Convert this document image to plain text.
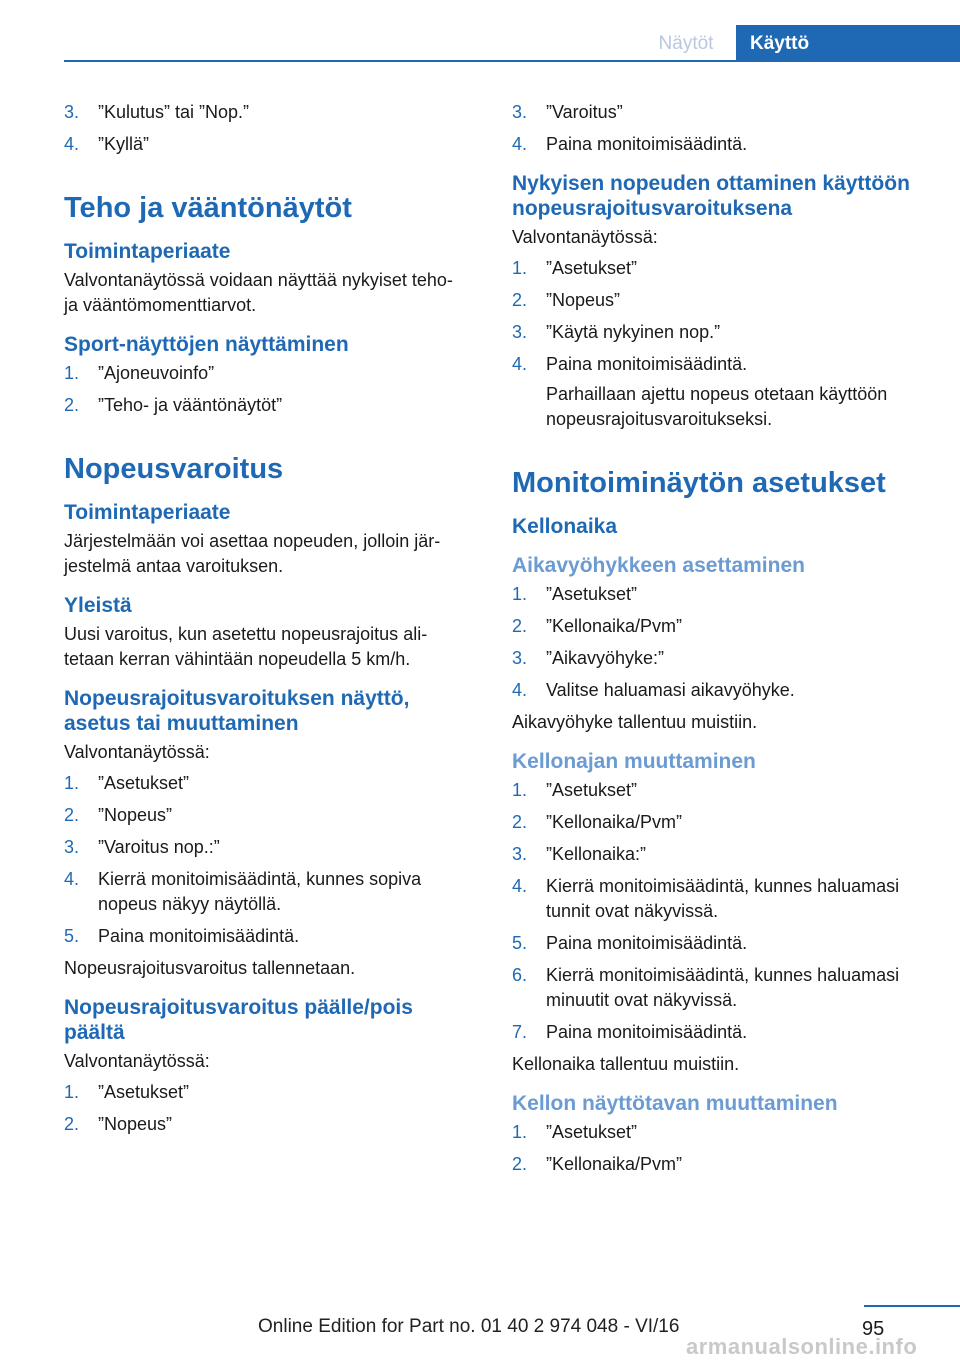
Näytöt	Käyttö
3. ”Kulutus” tai ”Nop.”
4. ”Kyllä”
Teho ja vääntönäytöt
Toimintaperiaate
Valvontanäytössä voidaan näyttää nykyiset teho- ja vääntömomenttiarvot.
Sport-näyttöjen näyttäminen
1. ”Ajoneuvoinfo”
2. ”Teho- ja vääntönäytöt”
Nopeusvaroitus
Toimintaperiaate
Järjestelmään voi asettaa nopeuden, jolloin järjestelmä antaa varoituksen.
Yleistä
Uusi varoitus, kun asetettu nopeusrajoitus alitetaan kerran vähintään nopeudella 5 km/h.
Nopeusrajoitusvaroituksen näyttö, asetus tai muuttaminen
Valvontanäytössä:
1. ”Asetukset”
2. ”Nopeus”
3. ”Varoitus nop.:”
4. Kierrä monitoimisäädintä, kunnes sopiva nopeus näkyy näytöllä.
5. Paina monitoimisäädintä.
Nopeusrajoitusvaroitus tallennetaan.
Nopeusrajoitusvaroitus päälle/pois päältä
Valvontanäytössä:
1. ”Asetukset”
2. ”Nopeus”
3. ”Varoitus”
4. Paina monitoimisäädintä.
Nykyisen nopeuden ottaminen käyttöön nopeusrajoitusvaroituksena
Valvontanäytössä:
1. ”Asetukset”
2. ”Nopeus”
3. ”Käytä nykyinen nop.”
4. Paina monitoimisäädintä.
Parhaillaan ajettu nopeus otetaan käyttöön nopeusrajoitusvaroitukseksi.
Monitoiminäytön asetukset
Kellonaika
Aikavyöhykkeen asettaminen
1. ”Asetukset”
2. ”Kellonaika/Pvm”
3. ”Aikavyöhyke:”
4. Valitse haluamasi aikavyöhyke.
Aikavyöhyke tallentuu muistiin.
Kellonajan muuttaminen
1. ”Asetukset”
2. ”Kellonaika/Pvm”
3. ”Kellonaika:”
4. Kierrä monitoimisäädintä, kunnes haluamasi tunnit ovat näkyvissä.
5. Paina monitoimisäädintä.
6. Kierrä monitoimisäädintä, kunnes haluamasi minuutit ovat näkyvissä.
7. Paina monitoimisäädintä.
Kellonaika tallentuu muistiin.
Kellon näyttötavan muuttaminen
1. ”Asetukset”
2. ”Kellonaika/Pvm”
95
Online Edition for Part no. 01 40 2 974 048 - VI/16
armanualsonline.info
